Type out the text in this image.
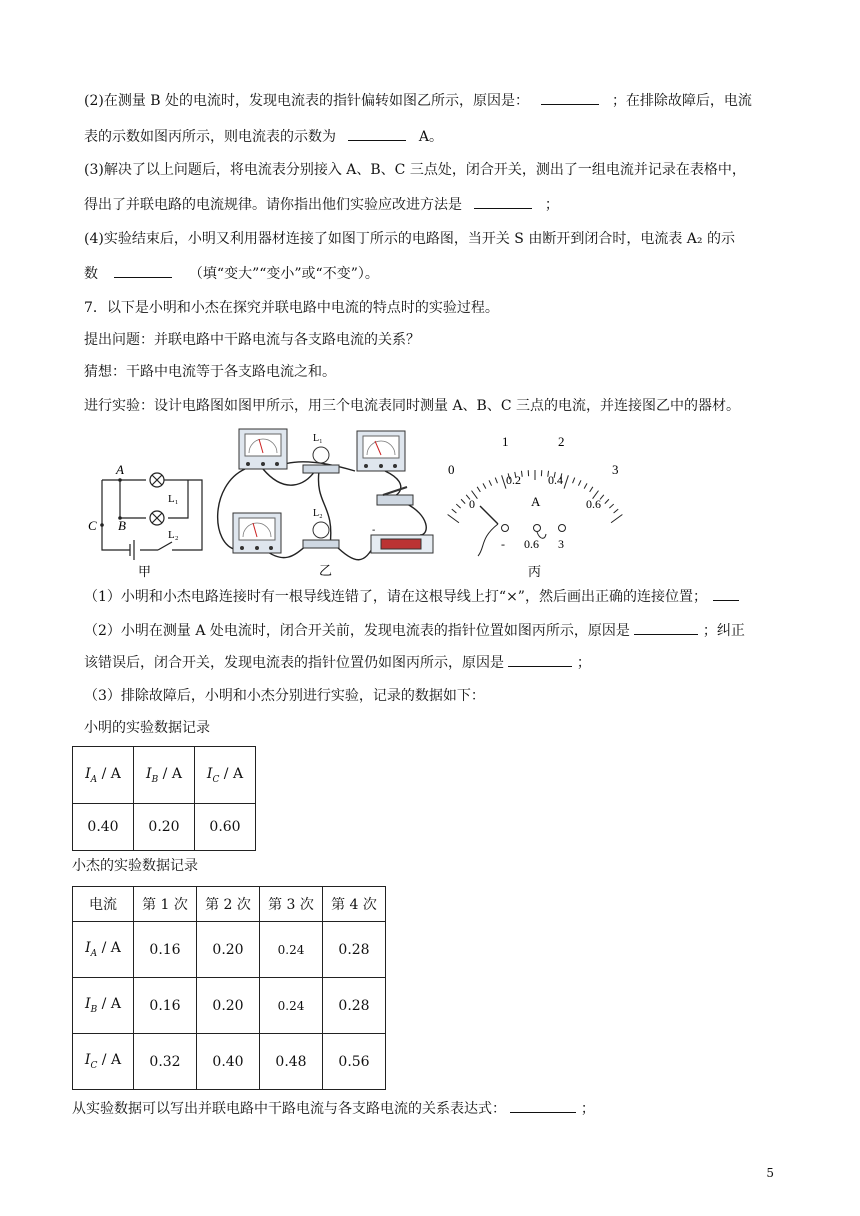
(2)在测量 B 处的电流时，发现电流表的指针偏转如图乙所示，原因是：	；在排除故障后，电流
表的示数如图丙所示，则电流表的示数为	A。
(3)解决了以上问题后，将电流表分别接入 A、B、C 三点处，闭合开关，测出了一组电流并记录在表格中，
得出了并联电路的电流规律。请你指出他们实验应改进方法是	；
(4)实验结束后，小明又利用器材连接了如图丁所示的电路图，当开关 S 由断开到闭合时，电流表 A₂ 的示
数	（填“变大”“变小”或“不变”）。
7．以下是小明和小杰在探究并联电路中电流的特点时的实验过程。
提出问题：并联电路中干路电流与各支路电流的关系？
猜想：干路中电流等于各支路电流之和。
进行实验：设计电路图如图甲所示，用三个电流表同时测量 A、B、C 三点的电流，并连接图乙中的器材。
A
B
C
L₁
L₂
甲
L₁
L₂
-
乙
0
1	2
3
0
0.2 0.4
0.6
A
- 0.6 3
丙
（1）小明和小杰电路连接时有一根导线连错了，请在这根导线上打“×”，然后画出正确的连接位置；
（2）小明在测量 A 处电流时，闭合开关前，发现电流表的指针位置如图丙所示，原因是	；纠正
该错误后，闭合开关，发现电流表的指针位置仍如图丙所示，原因是	；
（3）排除故障后，小明和小杰分别进行实验，记录的数据如下：
小明的实验数据记录
$I_A$ / A	$I_B$ / A	$I_C$ / A
0.40	0.20	0.60
小杰的实验数据记录
电流	第 1 次	第 2 次	第 3 次	第 4 次
$I_A$ / A	0.16	0.20	0.24	0.28
$I_B$ / A	0.16	0.20	0.24	0.28
$I_C$ / A	0.32	0.40	0.48	0.56
从实验数据可以写出并联电路中干路电流与各支路电流的关系表达式：	；
5
